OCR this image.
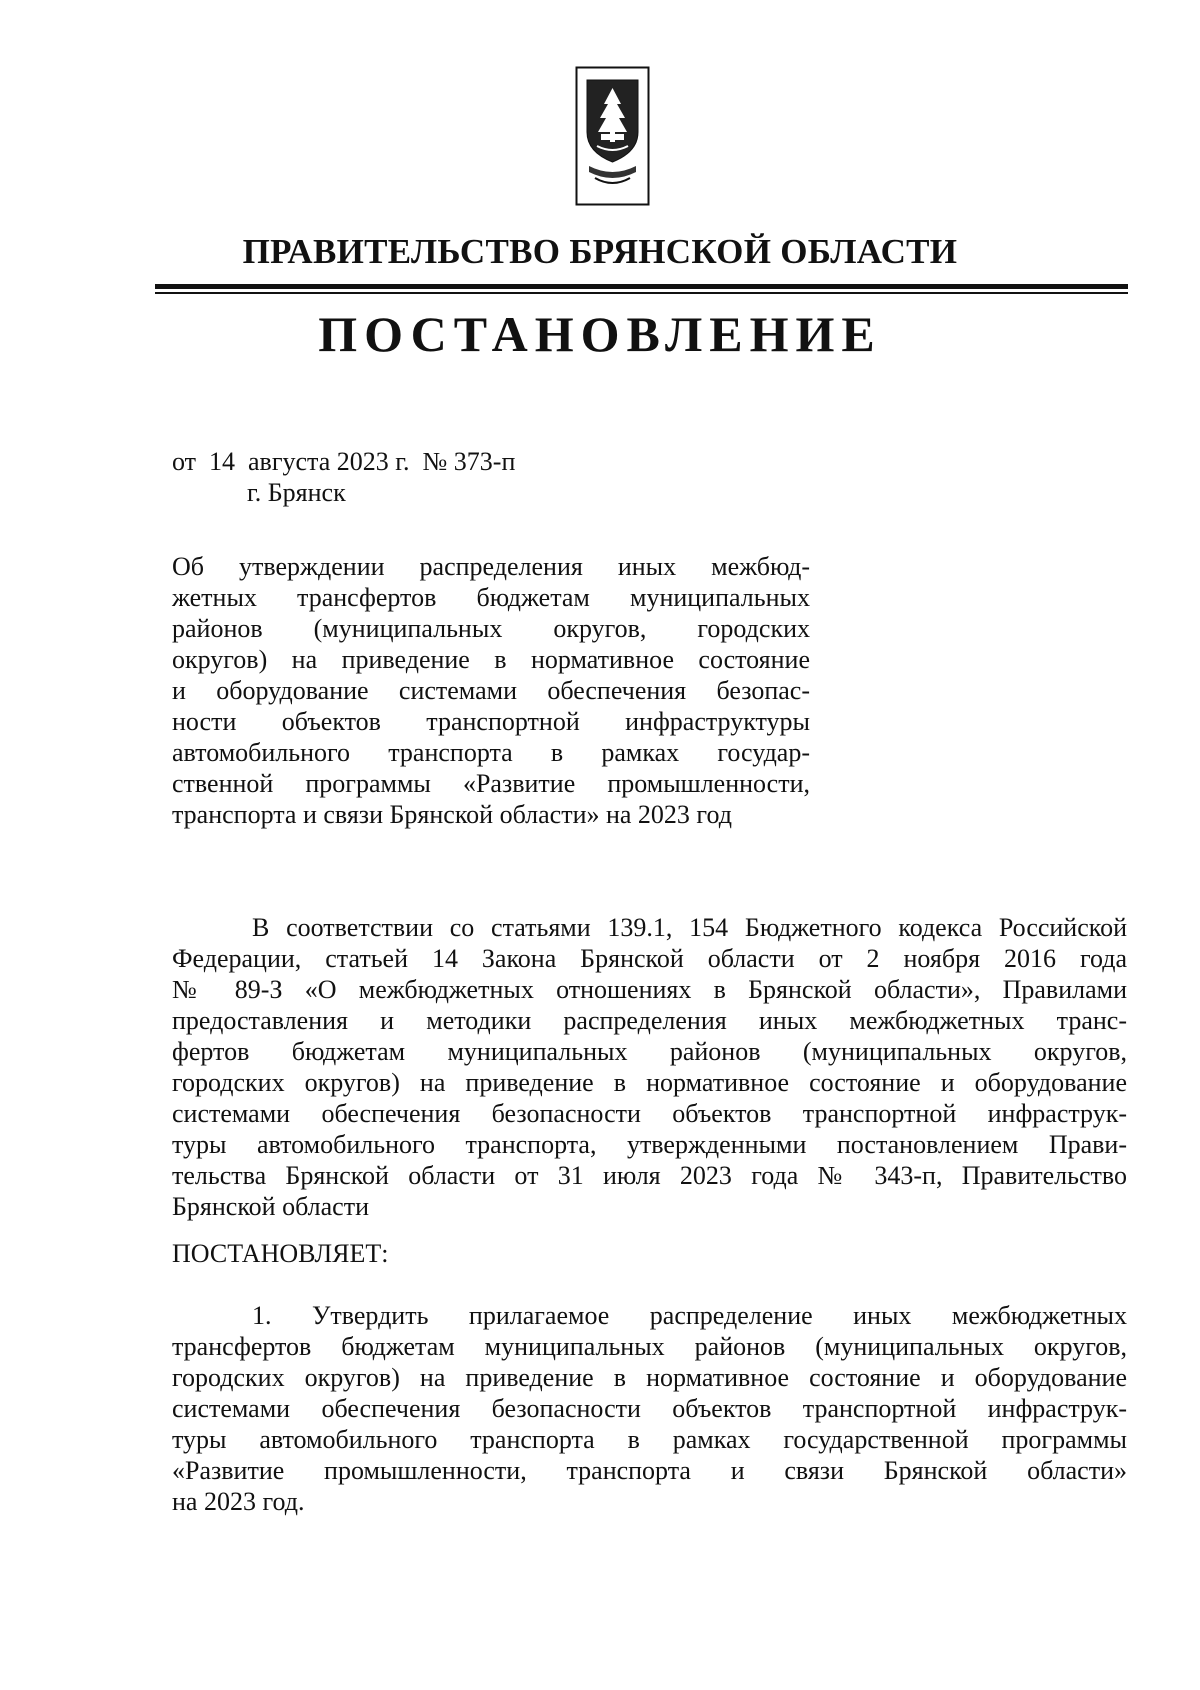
ПРАВИТЕЛЬСТВО БРЯНСКОЙ ОБЛАСТИ
ПОСТАНОВЛЕНИЕ
от  14  августа 2023 г.  № 373-п
г. Брянск
Об утверждении распределения иных межбюд-
жетных трансфертов бюджетам муниципальных
районов (муниципальных округов, городских
округов) на приведение в нормативное состояние
и оборудование системами обеспечения безопас-
ности объектов транспортной инфраструктуры
автомобильного транспорта в рамках государ-
ственной программы «Развитие промышленности,
транспорта и связи Брянской области» на 2023 год
В соответствии со статьями 139.1, 154 Бюджетного кодекса Российской
Федерации, статьей 14 Закона Брянской области от 2 ноября 2016 года
№ 89-З «О межбюджетных отношениях в Брянской области», Правилами
предоставления и методики распределения иных межбюджетных транс-
фертов бюджетам муниципальных районов (муниципальных округов,
городских округов) на приведение в нормативное состояние и оборудование
системами обеспечения безопасности объектов транспортной инфраструк-
туры автомобильного транспорта, утвержденными постановлением Прави-
тельства Брянской области от 31 июля 2023 года № 343-п, Правительство
Брянской области
ПОСТАНОВЛЯЕТ:
1. Утвердить прилагаемое распределение иных межбюджетных
трансфертов бюджетам муниципальных районов (муниципальных округов,
городских округов) на приведение в нормативное состояние и оборудование
системами обеспечения безопасности объектов транспортной инфраструк-
туры автомобильного транспорта в рамках государственной программы
«Развитие промышленности, транспорта и связи Брянской области»
на 2023 год.
